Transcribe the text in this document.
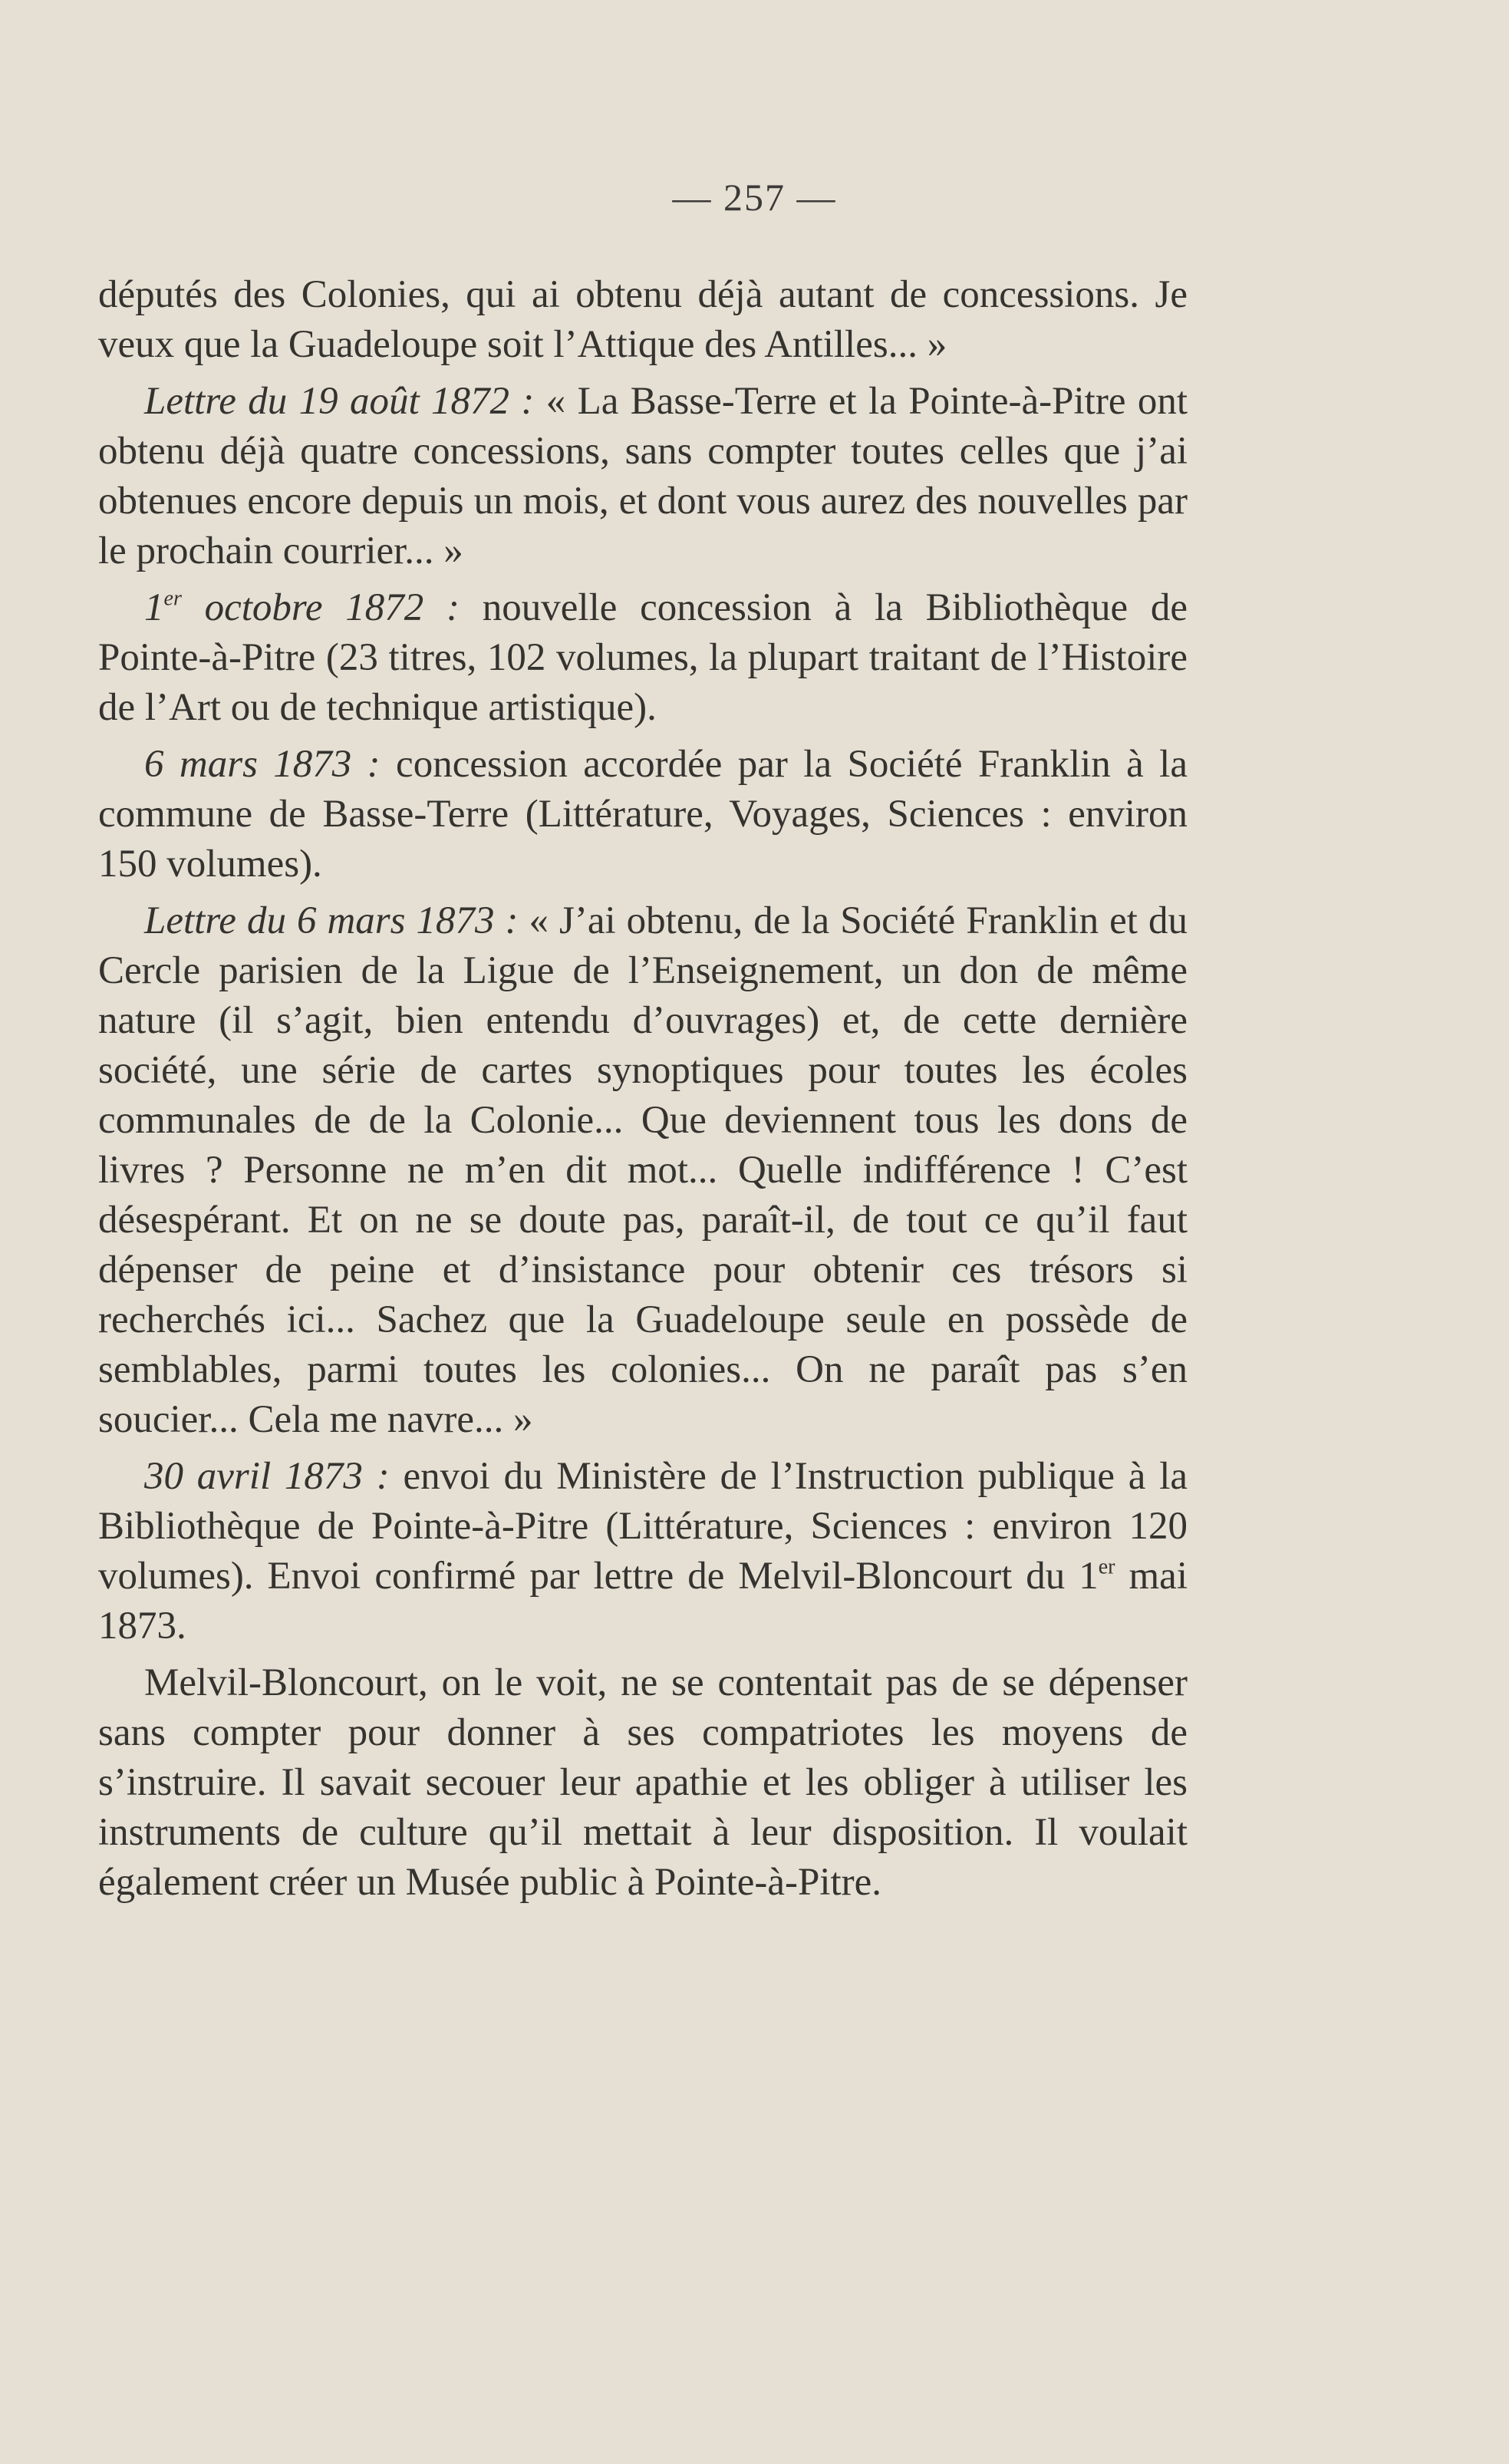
— 257 —

députés des Colonies, qui ai obtenu déjà autant de concessions. Je veux que la Guadeloupe soit l’Attique des Antilles... »

Lettre du 19 août 1872 : « La Basse-Terre et la Pointe-à-Pitre ont obtenu déjà quatre concessions, sans compter toutes celles que j’ai obtenues encore depuis un mois, et dont vous aurez des nouvelles par le prochain courrier... »

1er octobre 1872 : nouvelle concession à la Bibliothèque de Pointe-à-Pitre (23 titres, 102 volumes, la plupart traitant de l’Histoire de l’Art ou de technique artistique).

6 mars 1873 : concession accordée par la Société Franklin à la commune de Basse-Terre (Littérature, Voyages, Sciences : environ 150 volumes).

Lettre du 6 mars 1873 : « J’ai obtenu, de la Société Franklin et du Cercle parisien de la Ligue de l’Enseignement, un don de même nature (il s’agit, bien entendu d’ouvrages) et, de cette dernière société, une série de cartes synoptiques pour toutes les écoles communales de de la Colonie... Que deviennent tous les dons de livres ? Personne ne m’en dit mot... Quelle indifférence ! C’est désespérant. Et on ne se doute pas, paraît-il, de tout ce qu’il faut dépenser de peine et d’insistance pour obtenir ces trésors si recherchés ici... Sachez que la Guadeloupe seule en possède de semblables, parmi toutes les colonies... On ne paraît pas s’en soucier... Cela me navre... »

30 avril 1873 : envoi du Ministère de l’Instruction publique à la Bibliothèque de Pointe-à-Pitre (Littérature, Sciences : environ 120 volumes). Envoi confirmé par lettre de Melvil-Bloncourt du 1er mai 1873.

Melvil-Bloncourt, on le voit, ne se contentait pas de se dépenser sans compter pour donner à ses compatriotes les moyens de s’instruire. Il savait secouer leur apathie et les obliger à utiliser les instruments de culture qu’il mettait à leur disposition. Il voulait également créer un Musée public à Pointe-à-Pitre.
